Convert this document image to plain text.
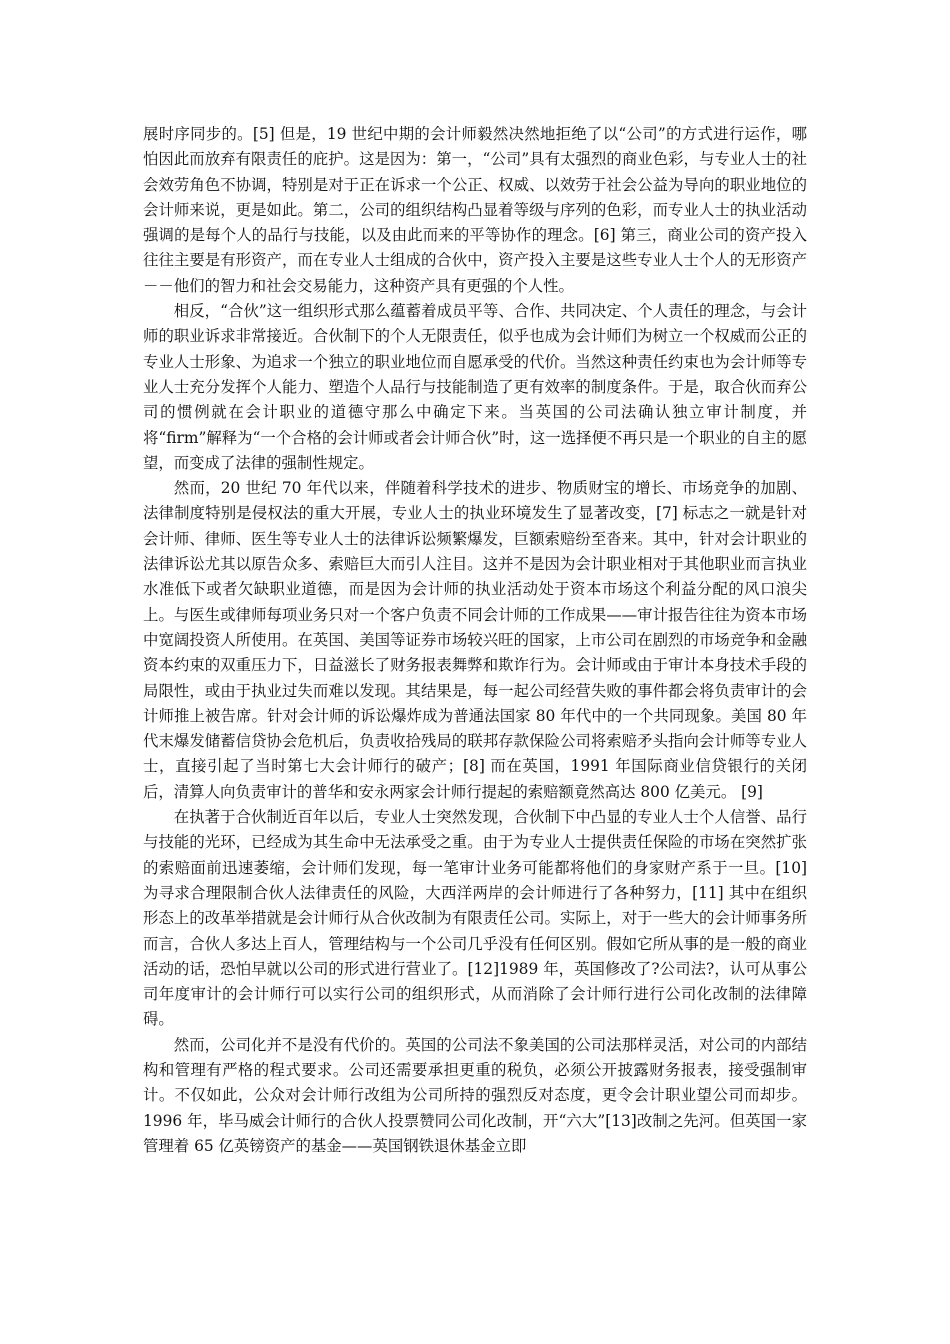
展时序同步的。[5] 但是，19 世纪中期的会计师毅然决然地拒绝了以“公司”的方式进行运作，哪怕因此而放弃有限责任的庇护。这是因为：第一，“公司”具有太强烈的商业色彩，与专业人士的社会效劳角色不协调，特别是对于正在诉求一个公正、权威、以效劳于社会公益为导向的职业地位的会计师来说，更是如此。第二，公司的组织结构凸显着等级与序列的色彩，而专业人士的执业活动强调的是每个人的品行与技能，以及由此而来的平等协作的理念。[6] 第三，商业公司的资产投入往往主要是有形资产，而在专业人士组成的合伙中，资产投入主要是这些专业人士个人的无形资产－－他们的智力和社会交易能力，这种资产具有更强的个人性。

相反，“合伙”这一组织形式那么蕴蓄着成员平等、合作、共同决定、个人责任的理念，与会计师的职业诉求非常接近。合伙制下的个人无限责任，似乎也成为会计师们为树立一个权威而公正的专业人士形象、为追求一个独立的职业地位而自愿承受的代价。当然这种责任约束也为会计师等专业人士充分发挥个人能力、塑造个人品行与技能制造了更有效率的制度条件。于是，取合伙而弃公司的惯例就在会计职业的道德守那么中确定下来。当英国的公司法确认独立审计制度，并将“firm”解释为“一个合格的会计师或者会计师合伙”时，这一选择便不再只是一个职业的自主的愿望，而变成了法律的强制性规定。

然而，20 世纪 70 年代以来，伴随着科学技术的进步、物质财宝的增长、市场竞争的加剧、法律制度特别是侵权法的重大开展，专业人士的执业环境发生了显著改变，[7] 标志之一就是针对会计师、律师、医生等专业人士的法律诉讼频繁爆发，巨额索赔纷至沓来。其中，针对会计职业的法律诉讼尤其以原告众多、索赔巨大而引人注目。这并不是因为会计职业相对于其他职业而言执业水准低下或者欠缺职业道德，而是因为会计师的执业活动处于资本市场这个利益分配的风口浪尖上。与医生或律师每项业务只对一个客户负责不同会计师的工作成果——审计报告往往为资本市场中宽阔投资人所使用。在英国、美国等证券市场较兴旺的国家，上市公司在剧烈的市场竞争和金融资本约束的双重压力下，日益滋长了财务报表舞弊和欺诈行为。会计师或由于审计本身技术手段的局限性，或由于执业过失而难以发现。其结果是，每一起公司经营失败的事件都会将负责审计的会计师推上被告席。针对会计师的诉讼爆炸成为普通法国家 80 年代中的一个共同现象。美国 80 年代末爆发储蓄信贷协会危机后，负责收拾残局的联邦存款保险公司将索赔矛头指向会计师等专业人士，直接引起了当时第七大会计师行的破产；[8] 而在英国，1991 年国际商业信贷银行的关闭后，清算人向负责审计的普华和安永两家会计师行提起的索赔额竟然高达 800 亿美元。 [9]

在执著于合伙制近百年以后，专业人士突然发现，合伙制下中凸显的专业人士个人信誉、品行与技能的光环，已经成为其生命中无法承受之重。由于为专业人士提供责任保险的市场在突然扩张的索赔面前迅速萎缩，会计师们发现，每一笔审计业务可能都将他们的身家财产系于一旦。[10] 为寻求合理限制合伙人法律责任的风险，大西洋两岸的会计师进行了各种努力，[11] 其中在组织形态上的改革举措就是会计师行从合伙改制为有限责任公司。实际上，对于一些大的会计师事务所而言，合伙人多达上百人，管理结构与一个公司几乎没有任何区别。假如它所从事的是一般的商业活动的话，恐怕早就以公司的形式进行营业了。[12]1989 年，英国修改了?公司法?，认可从事公司年度审计的会计师行可以实行公司的组织形式，从而消除了会计师行进行公司化改制的法律障碍。

然而，公司化并不是没有代价的。英国的公司法不象美国的公司法那样灵活，对公司的内部结构和管理有严格的程式要求。公司还需要承担更重的税负，必须公开披露财务报表，接受强制审计。不仅如此，公众对会计师行改组为公司所持的强烈反对态度，更令会计职业望公司而却步。1996 年，毕马威会计师行的合伙人投票赞同公司化改制，开“六大”[13]改制之先河。但英国一家管理着 65 亿英镑资产的基金——英国钢铁退休基金立即
